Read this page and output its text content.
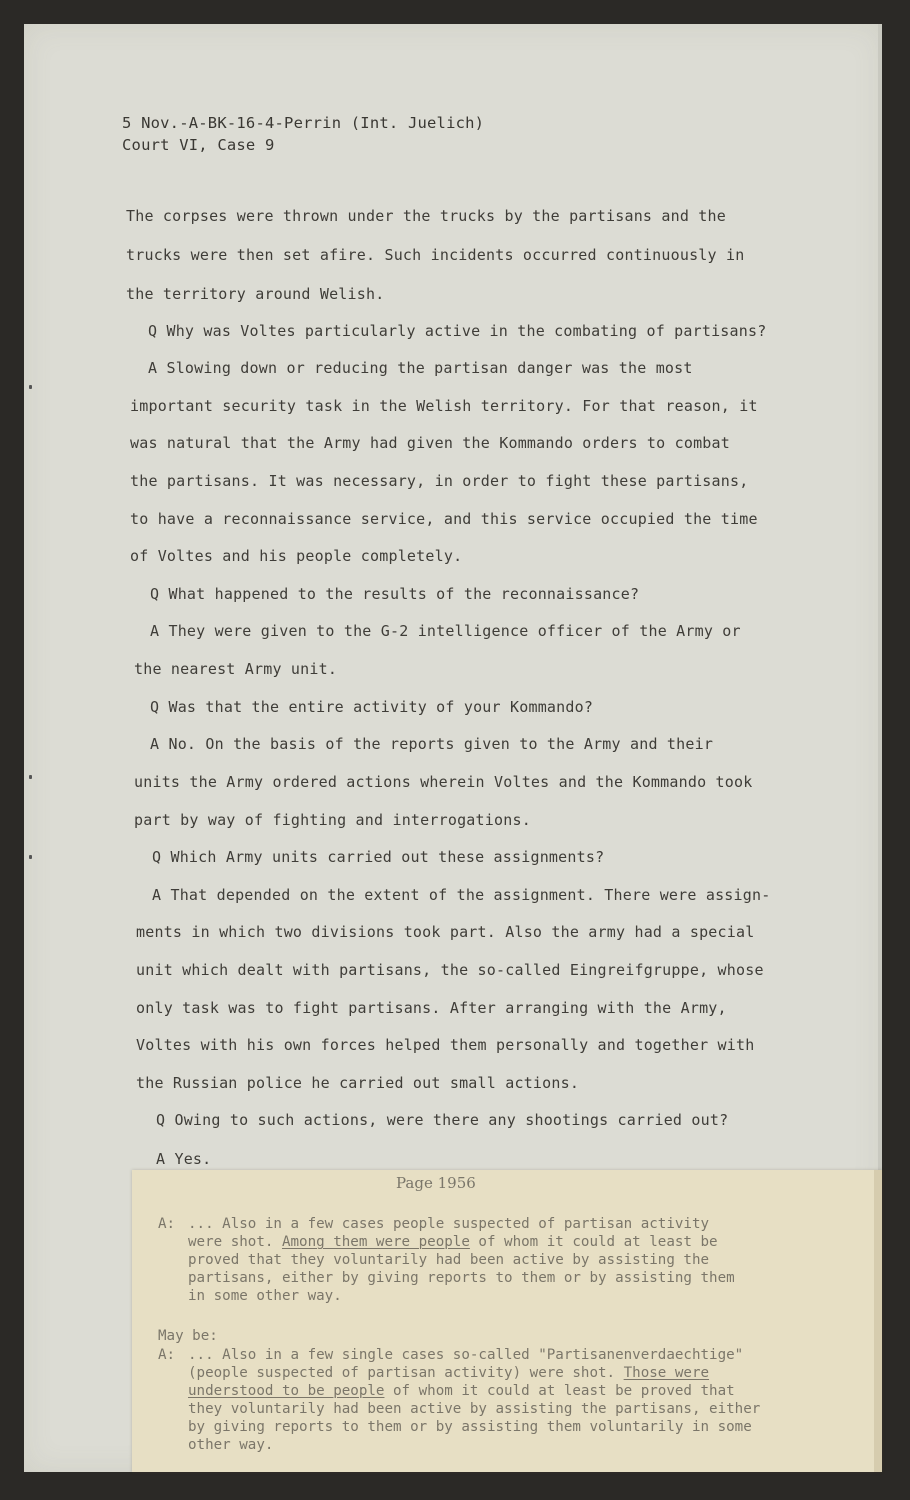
5 Nov.-A-BK-16-4-Perrin (Int. Juelich)
Court VI, Case 9
The corpses were thrown under the trucks by the partisans and the
trucks were then set afire. Such incidents occurred continuously in
the territory around Welish.
Q Why was Voltes particularly active in the combating of partisans?
A Slowing down or reducing the partisan danger was the most
important security task in the Welish territory. For that reason, it
was natural that the Army had given the Kommando orders to combat
the partisans. It was necessary, in order to fight these partisans,
to have a reconnaissance service, and this service occupied the time
of Voltes and his people completely.
Q What happened to the results of the reconnaissance?
A They were given to the G-2 intelligence officer of the Army or
the nearest Army unit.
Q Was that the entire activity of your Kommando?
A No. On the basis of the reports given to the Army and their
units the Army ordered actions wherein Voltes and the Kommando took
part by way of fighting and interrogations.
Q Which Army units carried out these assignments?
A That depended on the extent of the assignment. There were assign-
ments in which two divisions took part. Also the army had a special
unit which dealt with partisans, the so-called Eingreifgruppe, whose
only task was to fight partisans. After arranging with the Army,
Voltes with his own forces helped them personally and together with
the Russian police he carried out small actions.
Q Owing to such actions, were there any shootings carried out?
A Yes.
Page 1956
A: ... Also in a few cases people suspected of partisan activity
were shot. Among them were people of whom it could at least be
proved that they voluntarily had been active by assisting the
partisans, either by giving reports to them or by assisting them
in some other way.
May be:
A: ... Also in a few single cases so-called "Partisanenverdaechtige"
(people suspected of partisan activity) were shot. Those were
understood to be people of whom it could at least be proved that
they voluntarily had been active by assisting the partisans, either
by giving reports to them or by assisting them voluntarily in some
other way.
